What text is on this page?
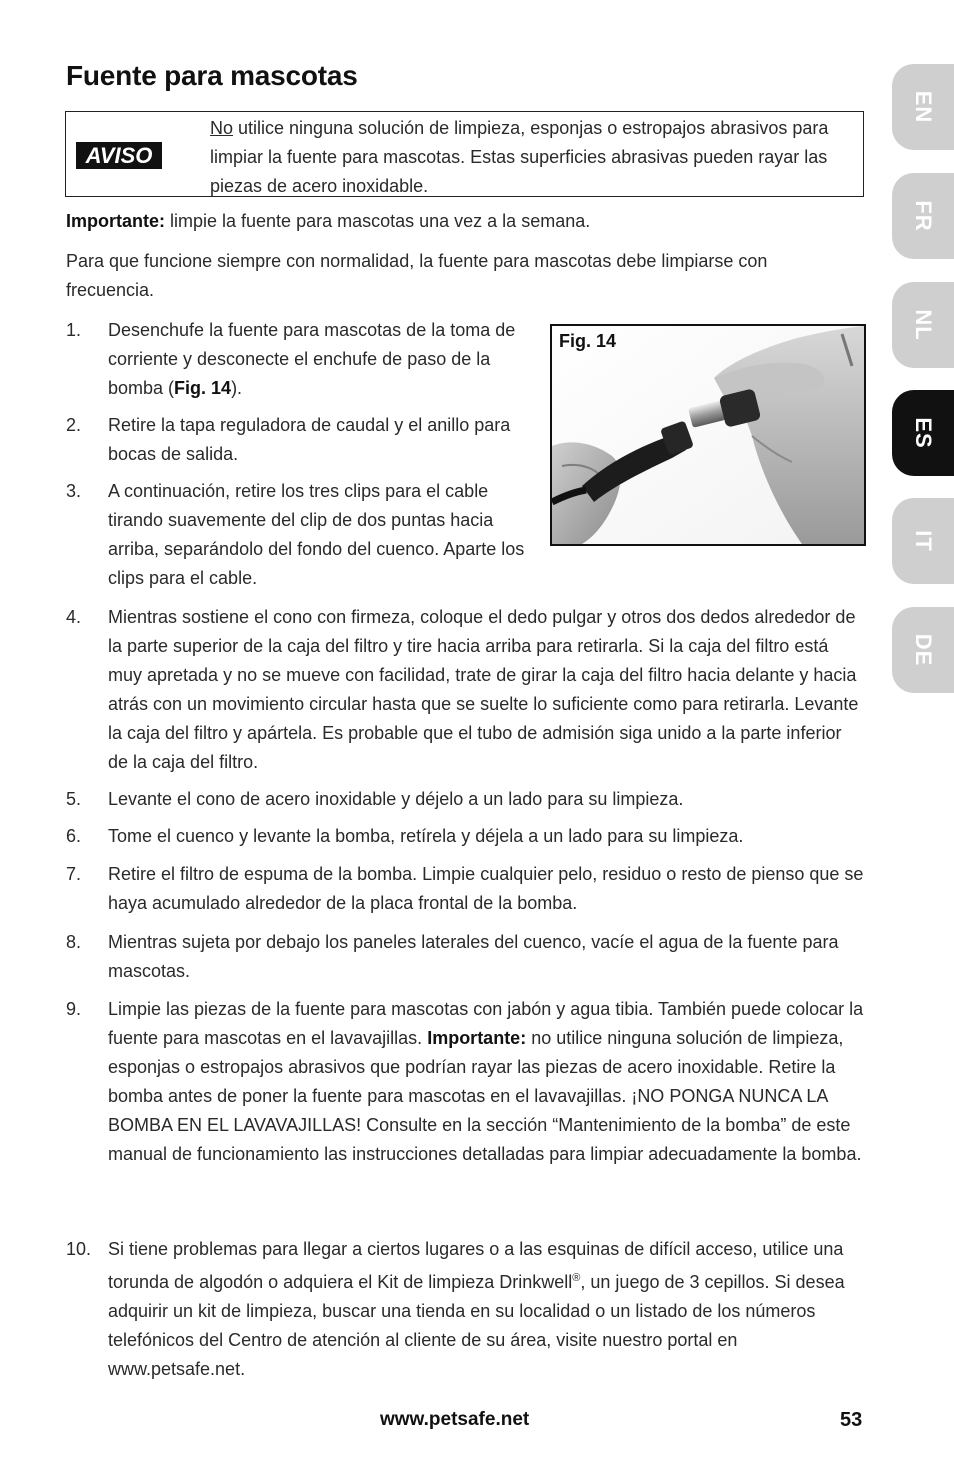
Fuente para mascotas
AVISO
No utilice ninguna solución de limpieza, esponjas o estropajos abrasivos para limpiar la fuente para mascotas. Estas superficies abrasivas pueden rayar las piezas de acero inoxidable.

Importante: limpie la fuente para mascotas una vez a la semana.

Para que funcione siempre con normalidad, la fuente para mascotas debe limpiarse con frecuencia.

1. Desenchufe la fuente para mascotas de la toma de corriente y desconecte el enchufe de paso de la bomba (Fig. 14).
2. Retire la tapa reguladora de caudal y el anillo para bocas de salida.
3. A continuación, retire los tres clips para el cable tirando suavemente del clip de dos puntas hacia arriba, separándolo del fondo del cuenco. Aparte los clips para el cable.
Fig. 14
4. Mientras sostiene el cono con firmeza, coloque el dedo pulgar y otros dos dedos alrededor de la parte superior de la caja del filtro y tire hacia arriba para retirarla. Si la caja del filtro está muy apretada y no se mueve con facilidad, trate de girar la caja del filtro hacia delante y hacia atrás con un movimiento circular hasta que se suelte lo suficiente como para retirarla. Levante la caja del filtro y apártela. Es probable que el tubo de admisión siga unido a la parte inferior de la caja del filtro.
5. Levante el cono de acero inoxidable y déjelo a un lado para su limpieza.
6. Tome el cuenco y levante la bomba, retírela y déjela a un lado para su limpieza.
7. Retire el filtro de espuma de la bomba. Limpie cualquier pelo, residuo o resto de pienso que se haya acumulado alrededor de la placa frontal de la bomba.
8. Mientras sujeta por debajo los paneles laterales del cuenco, vacíe el agua de la fuente para mascotas.
9. Limpie las piezas de la fuente para mascotas con jabón y agua tibia. También puede colocar la fuente para mascotas en el lavavajillas. Importante: no utilice ninguna solución de limpieza, esponjas o estropajos abrasivos que podrían rayar las piezas de acero inoxidable. Retire la bomba antes de poner la fuente para mascotas en el lavavajillas. ¡NO PONGA NUNCA LA BOMBA EN EL LAVAVAJILLAS! Consulte en la sección “Mantenimiento de la bomba” de este manual de funcionamiento las instrucciones detalladas para limpiar adecuadamente la bomba.
10. Si tiene problemas para llegar a ciertos lugares o a las esquinas de difícil acceso, utilice una torunda de algodón o adquiera el Kit de limpieza Drinkwell®, un juego de 3 cepillos. Si desea adquirir un kit de limpieza, buscar una tienda en su localidad o un listado de los números telefónicos del Centro de atención al cliente de su área, visite nuestro portal en www.petsafe.net.
EN
FR
NL
ES
IT
DE
www.petsafe.net	53
